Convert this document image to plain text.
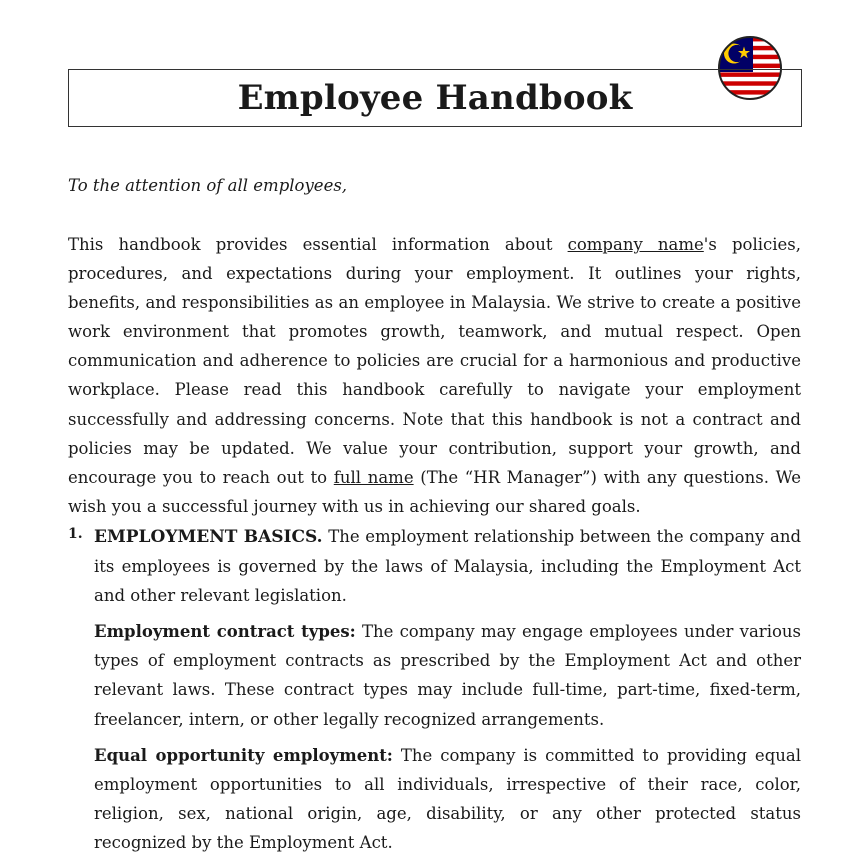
Employee Handbook
To the attention of all employees,

This handbook provides essential information about company name's policies, procedures, and expectations during your employment. It outlines your rights, benefits, and responsibilities as an employee in Malaysia. We strive to create a positive work environment that promotes growth, teamwork, and mutual respect. Open communication and adherence to policies are crucial for a harmonious and productive workplace. Please read this handbook carefully to navigate your employment successfully and addressing concerns. Note that this handbook is not a contract and policies may be updated. We value your contribution, support your growth, and encourage you to reach out to full name (The “HR Manager”) with any questions. We wish you a successful journey with us in achieving our shared goals.

1. EMPLOYMENT BASICS. The employment relationship between the company and its employees is governed by the laws of Malaysia, including the Employment Act and other relevant legislation.

Employment contract types: The company may engage employees under various types of employment contracts as prescribed by the Employment Act and other relevant laws. These contract types may include full-time, part-time, fixed-term, freelancer, intern, or other legally recognized arrangements.

Equal opportunity employment: The company is committed to providing equal employment opportunities to all individuals, irrespective of their race, color, religion, sex, national origin, age, disability, or any other protected status recognized by the Employment Act.
